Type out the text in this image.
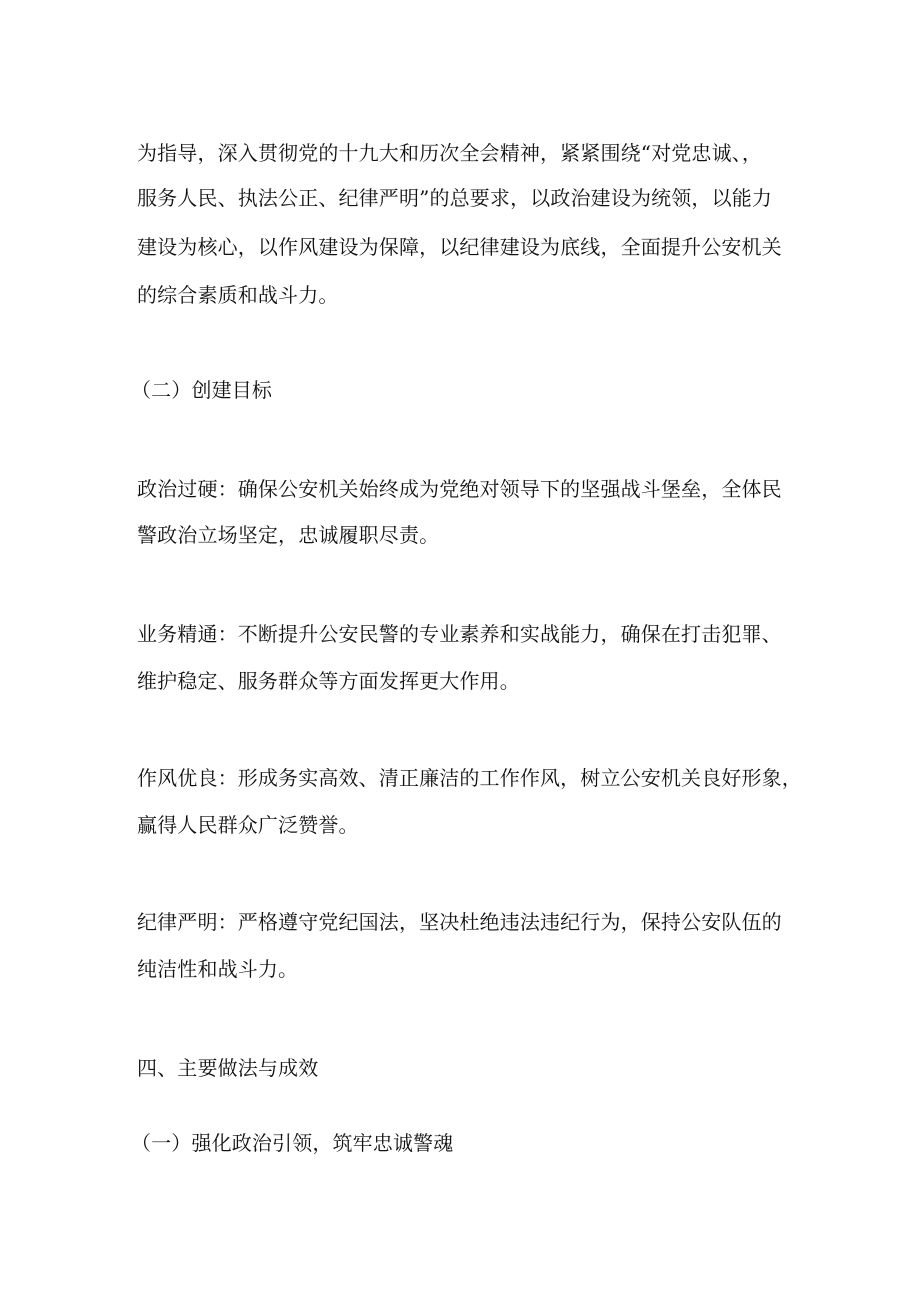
为指导，深入贯彻党的十九大和历次全会精神，紧紧围绕“对党忠诚、，

服务人民、执法公正、纪律严明”的总要求，以政治建设为统领，以能力

建设为核心，以作风建设为保障，以纪律建设为底线，全面提升公安机关

的综合素质和战斗力。

（二）创建目标

政治过硬：确保公安机关始终成为党绝对领导下的坚强战斗堡垒，全体民

警政治立场坚定，忠诚履职尽责。

业务精通：不断提升公安民警的专业素养和实战能力，确保在打击犯罪、

维护稳定、服务群众等方面发挥更大作用。

作风优良：形成务实高效、清正廉洁的工作作风，树立公安机关良好形象，

赢得人民群众广泛赞誉。

纪律严明：严格遵守党纪国法，坚决杜绝违法违纪行为，保持公安队伍的

纯洁性和战斗力。

四、主要做法与成效

（一）强化政治引领，筑牢忠诚警魂
